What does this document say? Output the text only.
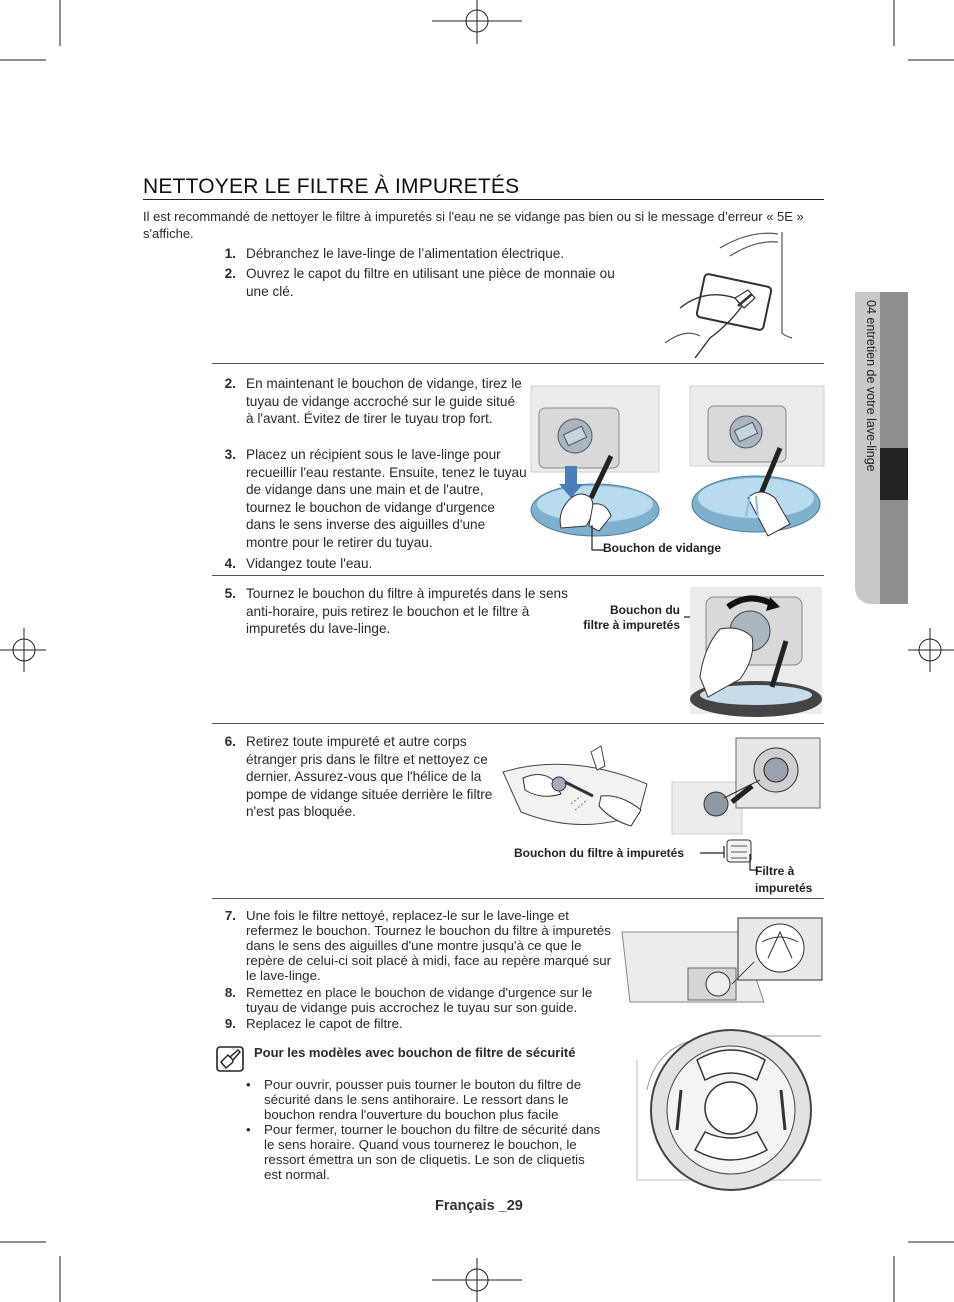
04 entretien de votre lave-linge
NETTOYER LE FILTRE À IMPURETÉS
Il est recommandé de nettoyer le filtre à impuretés si l'eau ne se vidange pas bien ou si le message d’erreur « 5E » s'affiche.
1. Débranchez le lave-linge de l’alimentation électrique.
2. Ouvrez le capot du filtre en utilisant une pièce de monnaie ou une clé.
2. En maintenant le bouchon de vidange, tirez le tuyau de vidange accroché sur le guide situé à l'avant. Évitez de tirer le tuyau trop fort.
3. Placez un récipient sous le lave-linge pour recueillir l'eau restante. Ensuite, tenez le tuyau de vidange dans une main et de l'autre, tournez le bouchon de vidange d'urgence dans le sens inverse des aiguilles d'une montre pour le retirer du tuyau.
4. Vidangez toute l'eau.
Bouchon de vidange
5. Tournez le bouchon du filtre à impuretés dans le sens anti-horaire, puis retirez le bouchon et le filtre à impuretés du lave-linge.
Bouchon du
filtre à impuretés
6. Retirez toute impureté et autre corps étranger pris dans le filtre et nettoyez ce dernier. Assurez-vous que l'hélice de la pompe de vidange située derrière le filtre n'est pas bloquée.
Bouchon du filtre à impuretés
Filtre à
impuretés
7. Une fois le filtre nettoyé, replacez-le sur le lave-linge et refermez le bouchon. Tournez le bouchon du filtre à impuretés dans le sens des aiguilles d'une montre jusqu'à ce que le repère de celui-ci soit placé à midi, face au repère marqué sur le lave-linge.
8. Remettez en place le bouchon de vidange d'urgence sur le tuyau de vidange puis accrochez le tuyau sur son guide.
9. Replacez le capot de filtre.
Pour les modèles avec bouchon de filtre de sécurité
• Pour ouvrir, pousser puis tourner le bouton du filtre de sécurité dans le sens antihoraire. Le ressort dans le bouchon rendra l'ouverture du bouchon plus facile
• Pour fermer, tourner le bouchon du filtre de sécurité dans le sens horaire. Quand vous tournerez le bouchon, le ressort émettra un son de cliquetis. Le son de cliquetis est normal.
Français _29
